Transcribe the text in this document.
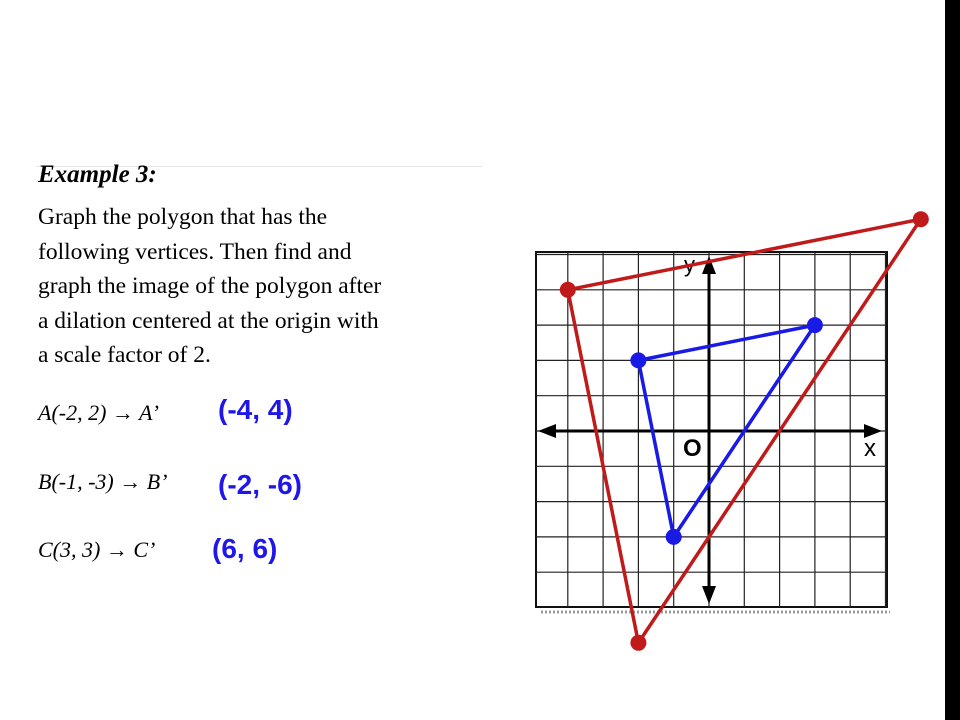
Example 3:
Graph the polygon that has the
following vertices. Then find and
graph the image of the polygon after
a dilation centered at the origin with
a scale factor of 2.
A(-2, 2) → A’ (-4, 4)
B(-1, -3) → B’ (-2, -6)
C(3, 3) → C’ (6, 6)
x
y
O
